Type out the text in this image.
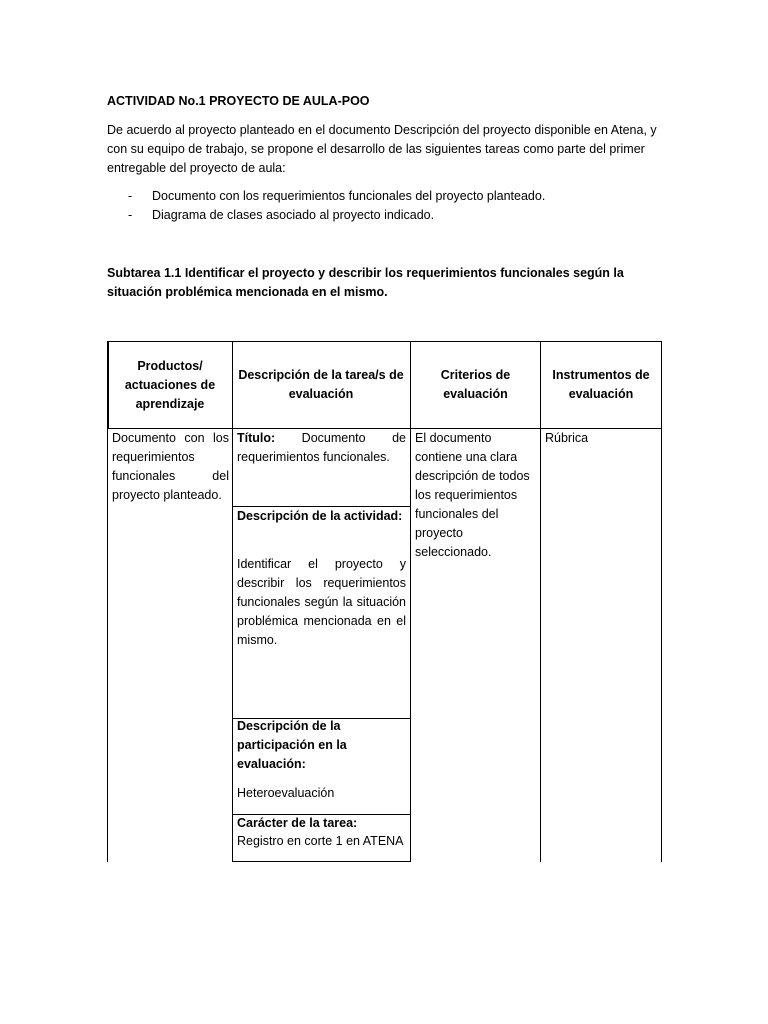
ACTIVIDAD No.1 PROYECTO DE AULA-POO

De acuerdo al proyecto planteado en el documento Descripción del proyecto disponible en Atena, y con su equipo de trabajo, se propone el desarrollo de las siguientes tareas como parte del primer entregable del proyecto de aula:

- Documento con los requerimientos funcionales del proyecto planteado.
- Diagrama de clases asociado al proyecto indicado.

Subtarea 1.1 Identificar el proyecto y describir los requerimientos funcionales según la situación problémica mencionada en el mismo.

Productos/ actuaciones de aprendizaje
Descripción de la tarea/s de evaluación
Criterios de evaluación
Instrumentos de evaluación
Documento con los requerimientos funcionales del proyecto planteado.
Título: Documento de requerimientos funcionales.
Descripción de la actividad:
Identificar el proyecto y describir los requerimientos funcionales según la situación problémica mencionada en el mismo.
Descripción de la participación en la evaluación:
Heteroevaluación
Carácter de la tarea:
Registro en corte 1 en ATENA
El documento contiene una clara descripción de todos los requerimientos funcionales del proyecto seleccionado.
Rúbrica
